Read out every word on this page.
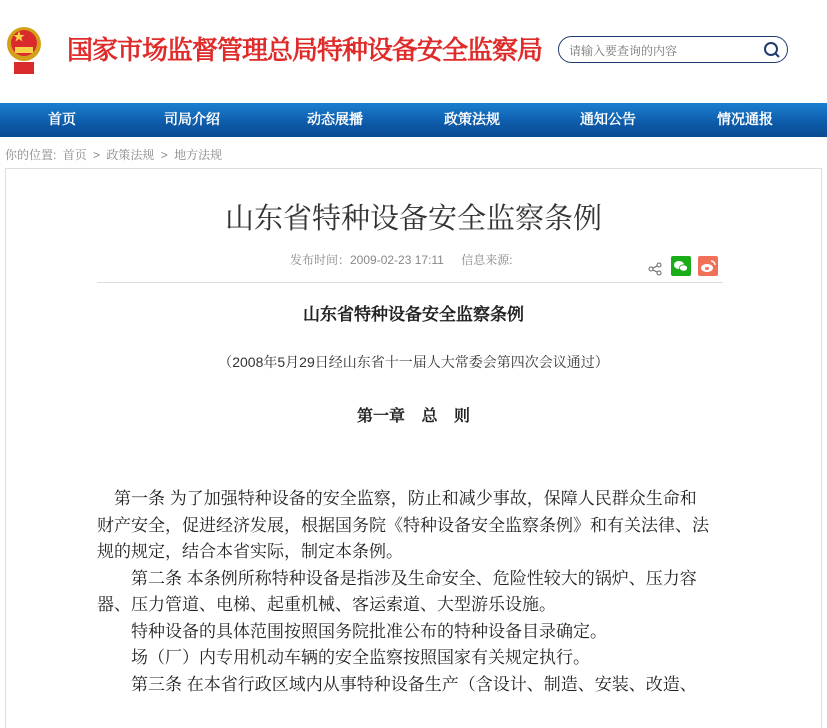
国家市场监督管理总局特种设备安全监察局
请输入要查询的内容
首页	司局介绍	动态展播	政策法规	通知公告	情况通报
你的位置: 首页 > 政策法规 > 地方法规
山东省特种设备安全监察条例
发布时间：2009-02-23 17:11 信息来源:
山东省特种设备安全监察条例
（2008年5月29日经山东省十一届人大常委会第四次会议通过）
第一章 总 则
第一条 为了加强特种设备的安全监察，防止和减少事故，保障人民群众生命和
财产安全，促进经济发展，根据国务院《特种设备安全监察条例》和有关法律、法
规的规定，结合本省实际，制定本条例。
第二条 本条例所称特种设备是指涉及生命安全、危险性较大的锅炉、压力容
器、压力管道、电梯、起重机械、客运索道、大型游乐设施。
特种设备的具体范围按照国务院批准公布的特种设备目录确定。
场（厂）内专用机动车辆的安全监察按照国家有关规定执行。
第三条 在本省行政区域内从事特种设备生产（含设计、制造、安装、改造、
